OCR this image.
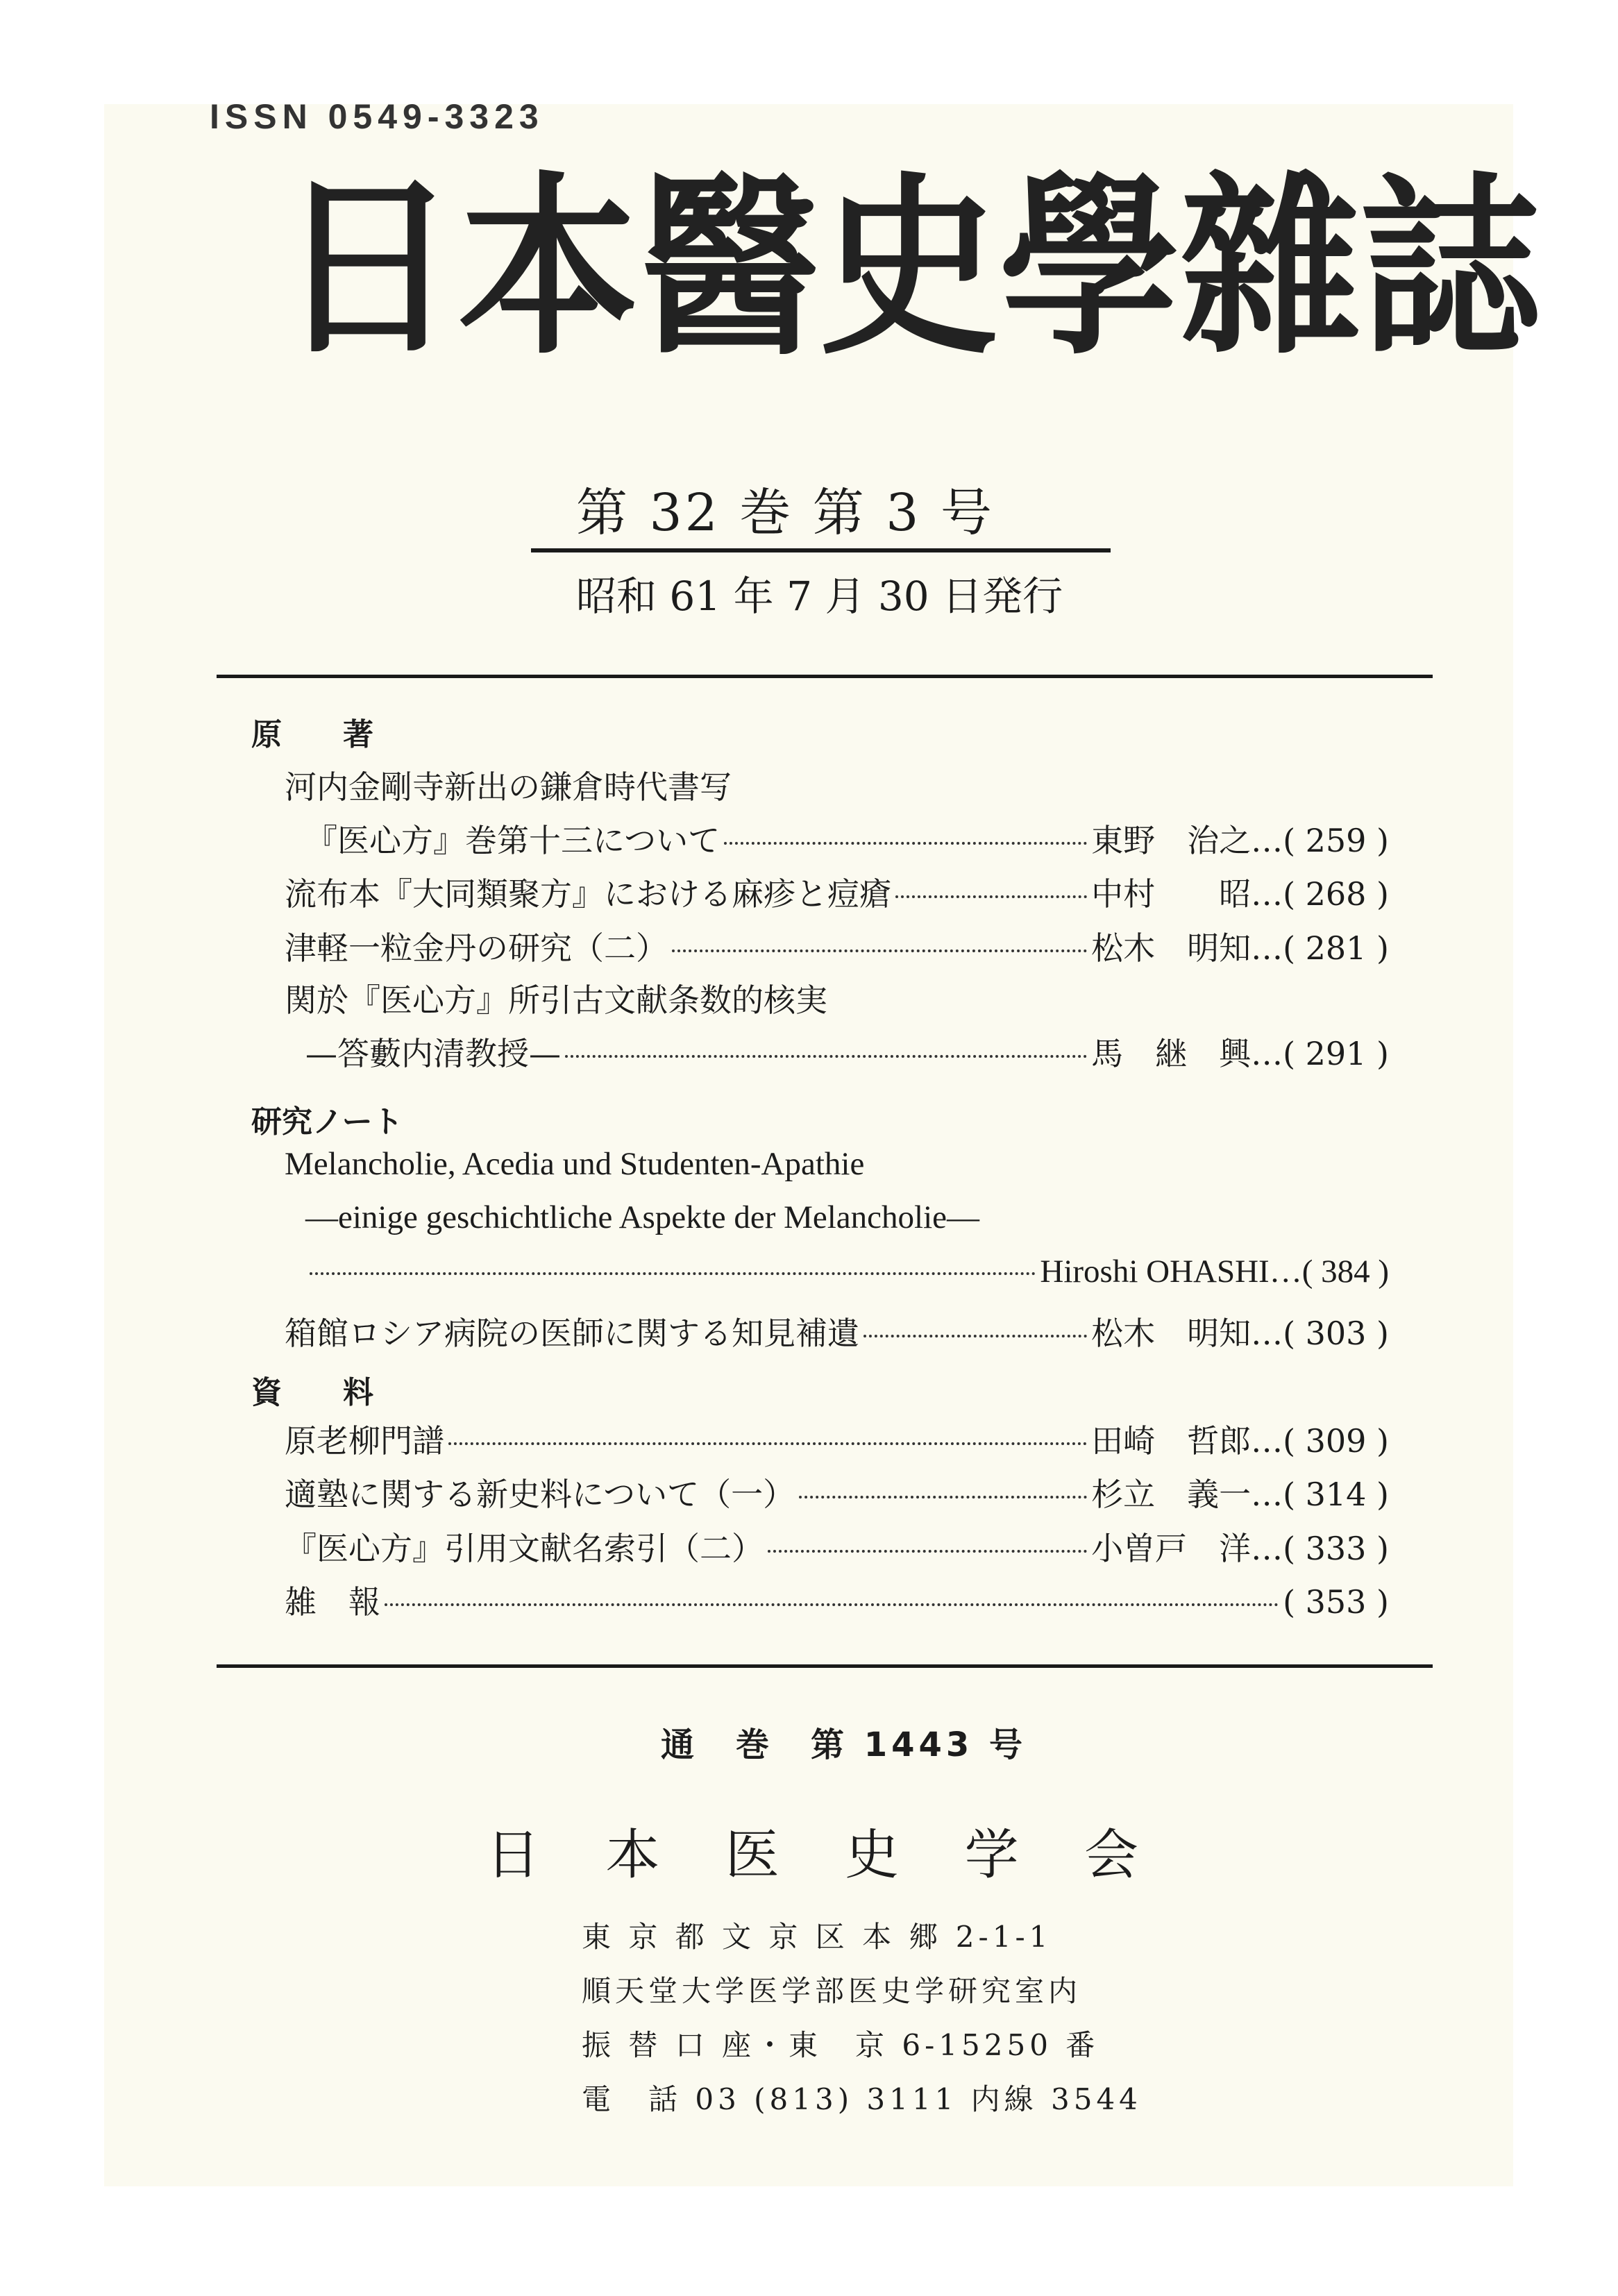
日 本 醫 史 學 雜 誌
第 32 巻 第 3 号
昭和 61 年 7 月 30 日発行
原　　著
河内金剛寺新出の鎌倉時代書写
『医心方』巻第十三について	東野　治之 …( 259 )
流布本『大同類聚方』における麻疹と痘瘡	中村　　昭 …( 268 )
津軽一粒金丹の研究（二）	松木　明知 …( 281 )
関於『医心方』所引古文献条数的核実
—答藪内清教授—	馬　継　興 …( 291 )
研究ノート
Melancholie, Acedia und Studenten-Apathie
—einige geschichtliche Aspekte der Melancholie—
Hiroshi OHASHI …( 384 )
箱館ロシア病院の医師に関する知見補遺	松木　明知 …( 303 )
資　　料
原老柳門譜	田崎　哲郎 …( 309 )
適塾に関する新史料について（一）	杉立　義一 …( 314 )
『医心方』引用文献名索引（二）	小曽戸　洋 …( 333 )
雑　報	( 353 )
通　巻　第 1443 号
日 本 医 史 学 会
東 京 都 文 京 区 本 郷 2-1-1
順天堂大学医学部医史学研究室内
振 替 口 座・東　京 6-15250 番
電　話 03 (813) 3111 内線 3544
